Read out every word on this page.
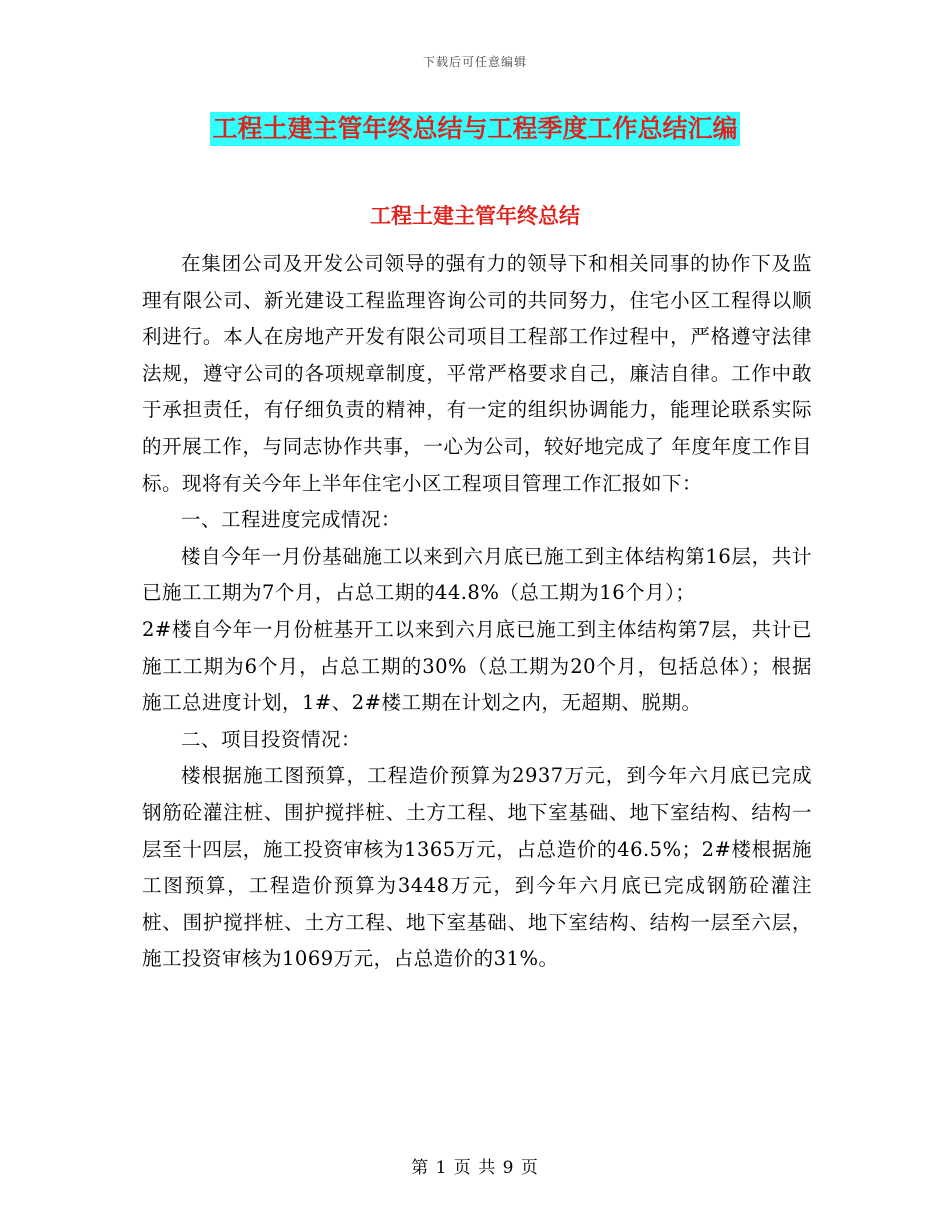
下载后可任意编辑
工程土建主管年终总结与工程季度工作总结汇编
工程土建主管年终总结

在集团公司及开发公司领导的强有力的领导下和相关同事的协作下及监理有限公司、新光建设工程监理咨询公司的共同努力，住宅小区工程得以顺利进行。本人在房地产开发有限公司项目工程部工作过程中，严格遵守法律法规，遵守公司的各项规章制度，平常严格要求自己，廉洁自律。工作中敢于承担责任，有仔细负责的精神，有一定的组织协调能力，能理论联系实际的开展工作，与同志协作共事，一心为公司，较好地完成了 年度年度工作目标。现将有关今年上半年住宅小区工程项目管理工作汇报如下：

一、工程进度完成情况：

楼自今年一月份基础施工以来到六月底已施工到主体结构第16层，共计已施工工期为7个月，占总工期的44.8%（总工期为16个月）；

2#楼自今年一月份桩基开工以来到六月底已施工到主体结构第7层，共计已施工工期为6个月，占总工期的30%（总工期为20个月，包括总体）；根据施工总进度计划，1#、2#楼工期在计划之内，无超期、脱期。

二、项目投资情况：

楼根据施工图预算，工程造价预算为2937万元，到今年六月底已完成钢筋砼灌注桩、围护搅拌桩、土方工程、地下室基础、地下室结构、结构一层至十四层，施工投资审核为1365万元，占总造价的46.5%；2#楼根据施工图预算，工程造价预算为3448万元，到今年六月底已完成钢筋砼灌注桩、围护搅拌桩、土方工程、地下室基础、地下室结构、结构一层至六层，施工投资审核为1069万元，占总造价的31%。

第 1 页 共 9 页
